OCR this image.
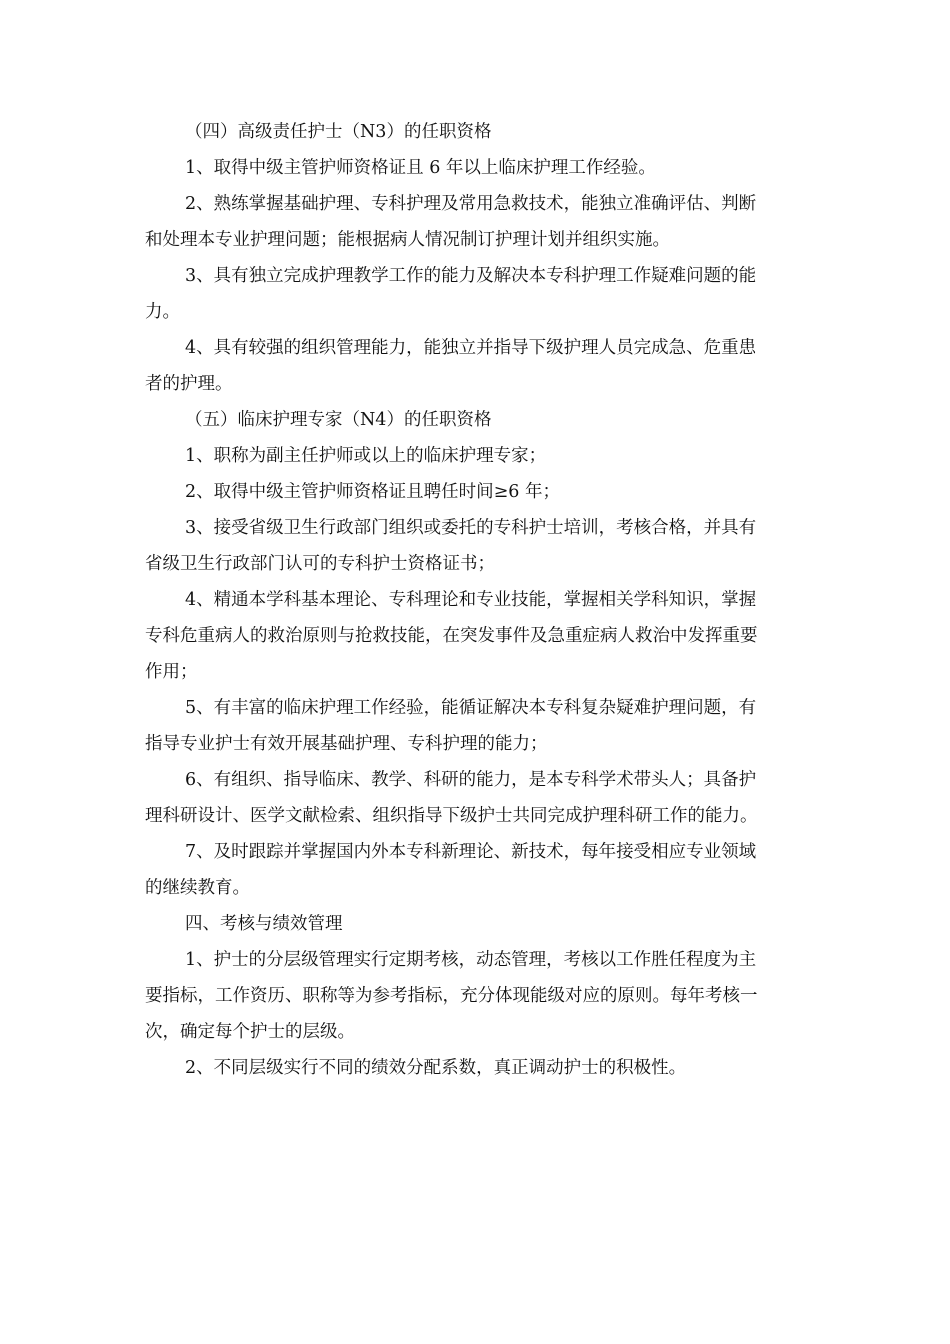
（四）高级责任护士（N3）的任职资格

1、取得中级主管护师资格证且 6 年以上临床护理工作经验。

2、熟练掌握基础护理、专科护理及常用急救技术，能独立准确评估、判断
和处理本专业护理问题；能根据病人情况制订护理计划并组织实施。

3、具有独立完成护理教学工作的能力及解决本专科护理工作疑难问题的能
力。

4、具有较强的组织管理能力，能独立并指导下级护理人员完成急、危重患
者的护理。

（五）临床护理专家（N4）的任职资格

1、职称为副主任护师或以上的临床护理专家；

2、取得中级主管护师资格证且聘任时间≥6 年；

3、接受省级卫生行政部门组织或委托的专科护士培训，考核合格，并具有
省级卫生行政部门认可的专科护士资格证书；

4、精通本学科基本理论、专科理论和专业技能，掌握相关学科知识，掌握
专科危重病人的救治原则与抢救技能，在突发事件及急重症病人救治中发挥重要
作用；

5、有丰富的临床护理工作经验，能循证解决本专科复杂疑难护理问题，有
指导专业护士有效开展基础护理、专科护理的能力；

6、有组织、指导临床、教学、科研的能力，是本专科学术带头人；具备护
理科研设计、医学文献检索、组织指导下级护士共同完成护理科研工作的能力。

7、及时跟踪并掌握国内外本专科新理论、新技术，每年接受相应专业领域
的继续教育。

四、考核与绩效管理

1、护士的分层级管理实行定期考核，动态管理，考核以工作胜任程度为主
要指标，工作资历、职称等为参考指标，充分体现能级对应的原则。每年考核一
次，确定每个护士的层级。

2、不同层级实行不同的绩效分配系数，真正调动护士的积极性。
